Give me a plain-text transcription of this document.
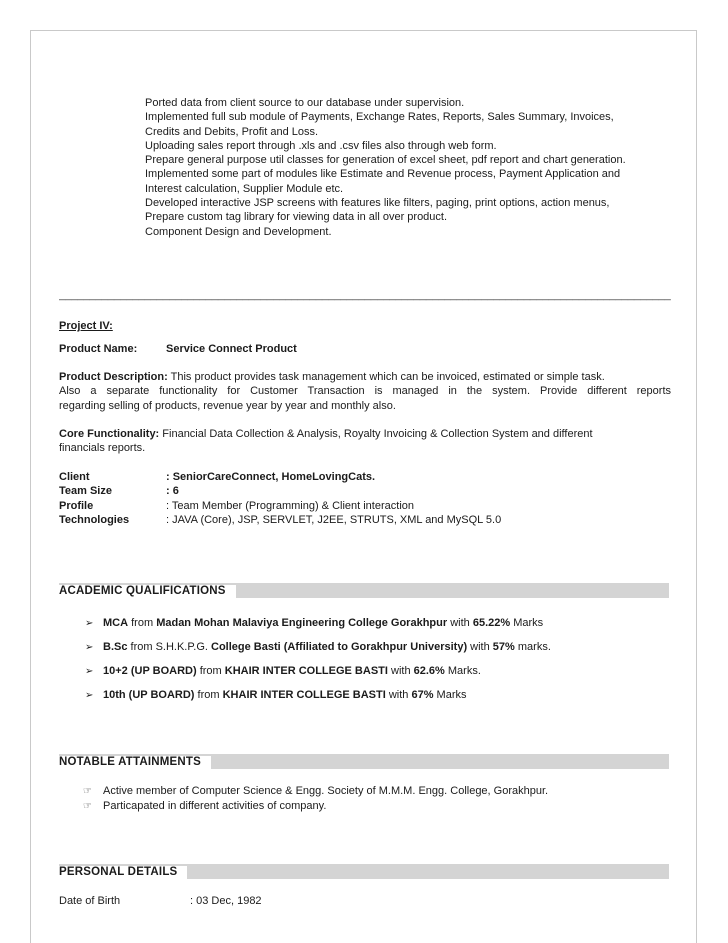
Ported data from client source to our database under supervision.
Implemented full sub module of Payments, Exchange Rates, Reports, Sales Summary, Invoices,
Credits and Debits, Profit and Loss.
Uploading sales report through .xls and .csv files also through web form.
Prepare general purpose util classes for generation of excel sheet, pdf report and chart generation.
Implemented some part of modules like Estimate and Revenue process, Payment Application and
Interest calculation, Supplier Module etc.
Developed interactive JSP screens with features like filters, paging, print options, action menus,
Prepare custom tag library for viewing data in all over product.
Component Design and Development.
____________________________________________________________________________________________________
Project IV:
Product Name:	Service Connect Product
Product Description: This product provides task management which can be invoiced, estimated or simple task.
Also a separate functionality for Customer Transaction is managed in the system. Provide different reports
regarding selling of products, revenue year by year and monthly also.
Core Functionality: Financial Data Collection & Analysis, Royalty Invoicing & Collection System and different
financials reports.
Client	: SeniorCareConnect, HomeLovingCats.
Team Size	: 6
Profile	: Team Member (Programming) & Client interaction
Technologies	: JAVA (Core), JSP, SERVLET, J2EE, STRUTS, XML and MySQL 5.0
ACADEMIC QUALIFICATIONS
➢ MCA from Madan Mohan Malaviya Engineering College Gorakhpur with 65.22% Marks
➢ B.Sc from S.H.K.P.G. College Basti (Affiliated to Gorakhpur University) with 57% marks.
➢ 10+2 (UP BOARD) from KHAIR INTER COLLEGE BASTI with 62.6% Marks.
➢ 10th (UP BOARD) from KHAIR INTER COLLEGE BASTI with 67% Marks
NOTABLE ATTAINMENTS
☞ Active member of Computer Science & Engg. Society of M.M.M. Engg. College, Gorakhpur.
☞ Particapated in different activities of company.
PERSONAL DETAILS
Date of Birth	: 03 Dec, 1982
